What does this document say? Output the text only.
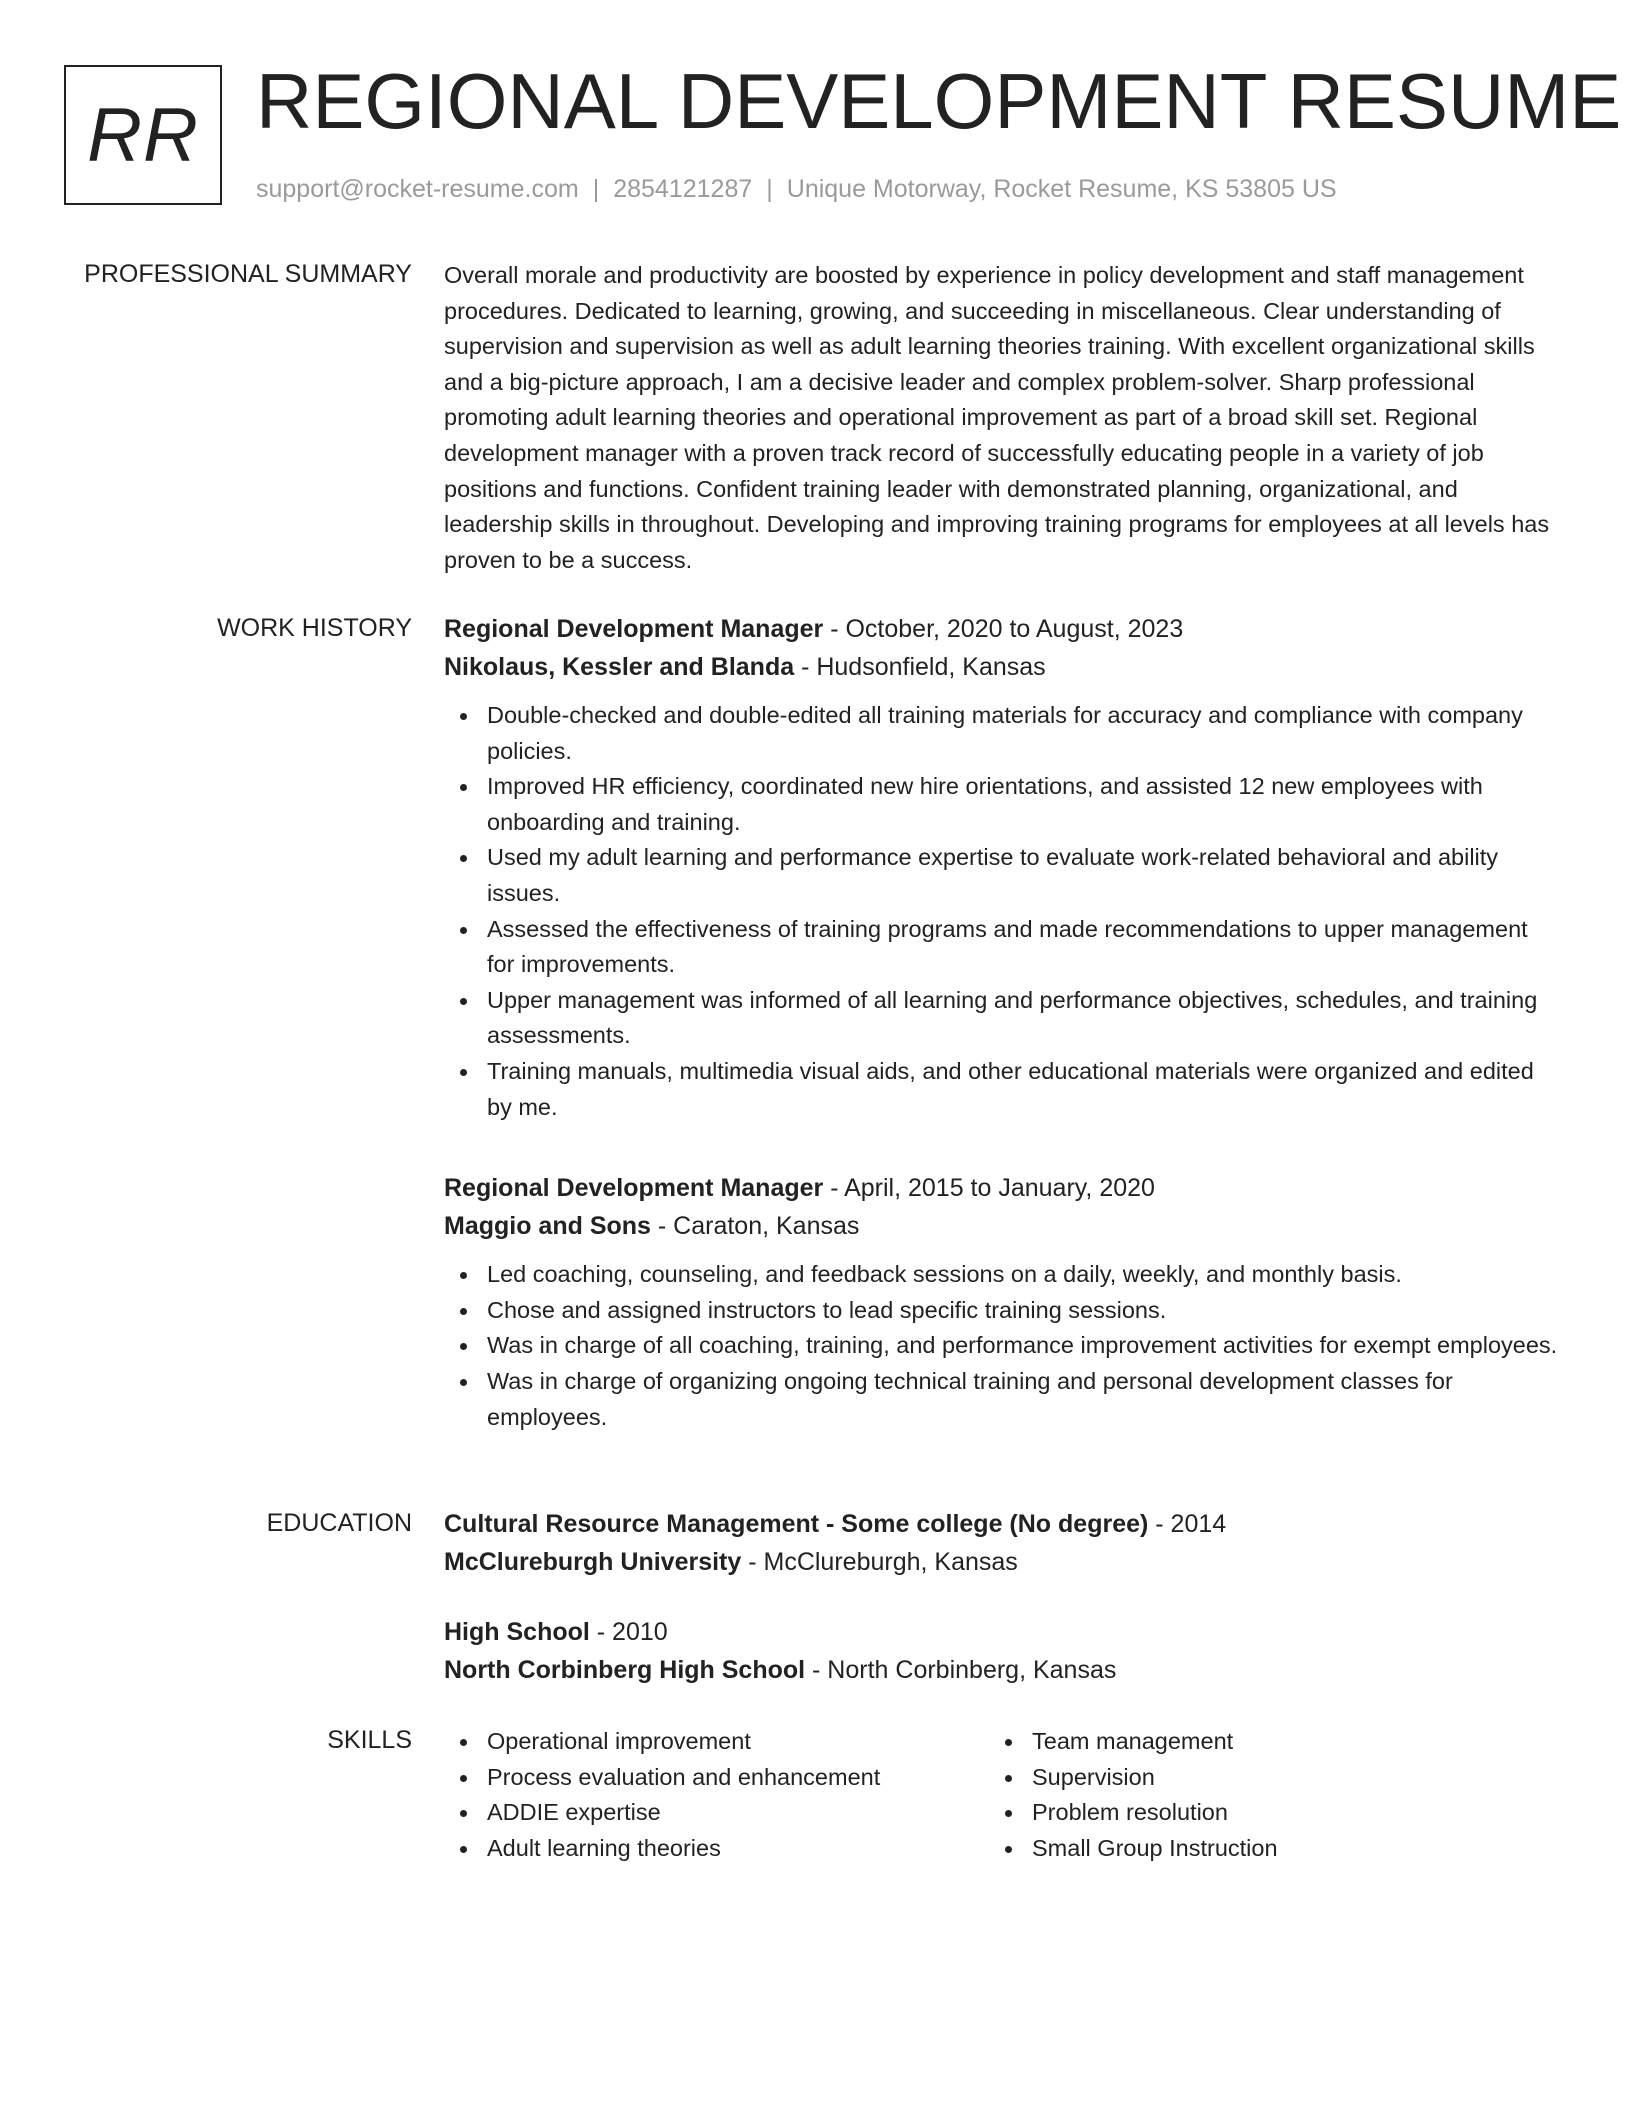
RR REGIONAL DEVELOPMENT RESUME
support@rocket-resume.com | 2854121287 | Unique Motorway, Rocket Resume, KS 53805 US
PROFESSIONAL SUMMARY Overall morale and productivity are boosted by experience in policy development and staff management procedures. Dedicated to learning, growing, and succeeding in miscellaneous. Clear understanding of supervision and supervision as well as adult learning theories training. With excellent organizational skills and a big-picture approach, I am a decisive leader and complex problem-solver. Sharp professional promoting adult learning theories and operational improvement as part of a broad skill set. Regional development manager with a proven track record of successfully educating people in a variety of job positions and functions. Confident training leader with demonstrated planning, organizational, and leadership skills in throughout. Developing and improving training programs for employees at all levels has proven to be a success.

WORK HISTORY Regional Development Manager - October, 2020 to August, 2023
Nikolaus, Kessler and Blanda - Hudsonfield, Kansas
Double-checked and double-edited all training materials for accuracy and compliance with company policies.
Improved HR efficiency, coordinated new hire orientations, and assisted 12 new employees with onboarding and training.
Used my adult learning and performance expertise to evaluate work-related behavioral and ability issues.
Assessed the effectiveness of training programs and made recommendations to upper management for improvements.
Upper management was informed of all learning and performance objectives, schedules, and training assessments.
Training manuals, multimedia visual aids, and other educational materials were organized and edited by me.
Regional Development Manager - April, 2015 to January, 2020
Maggio and Sons - Caraton, Kansas
Led coaching, counseling, and feedback sessions on a daily, weekly, and monthly basis.
Chose and assigned instructors to lead specific training sessions.
Was in charge of all coaching, training, and performance improvement activities for exempt employees.
Was in charge of organizing ongoing technical training and personal development classes for employees.
EDUCATION Cultural Resource Management - Some college (No degree) - 2014
McClureburgh University - McClureburgh, Kansas
High School - 2010
North Corbinberg High School - North Corbinberg, Kansas
SKILLS	Operational improvement
Process evaluation and enhancement
ADDIE expertise
Adult learning theories
Team management
Supervision
Problem resolution
Small Group Instruction
